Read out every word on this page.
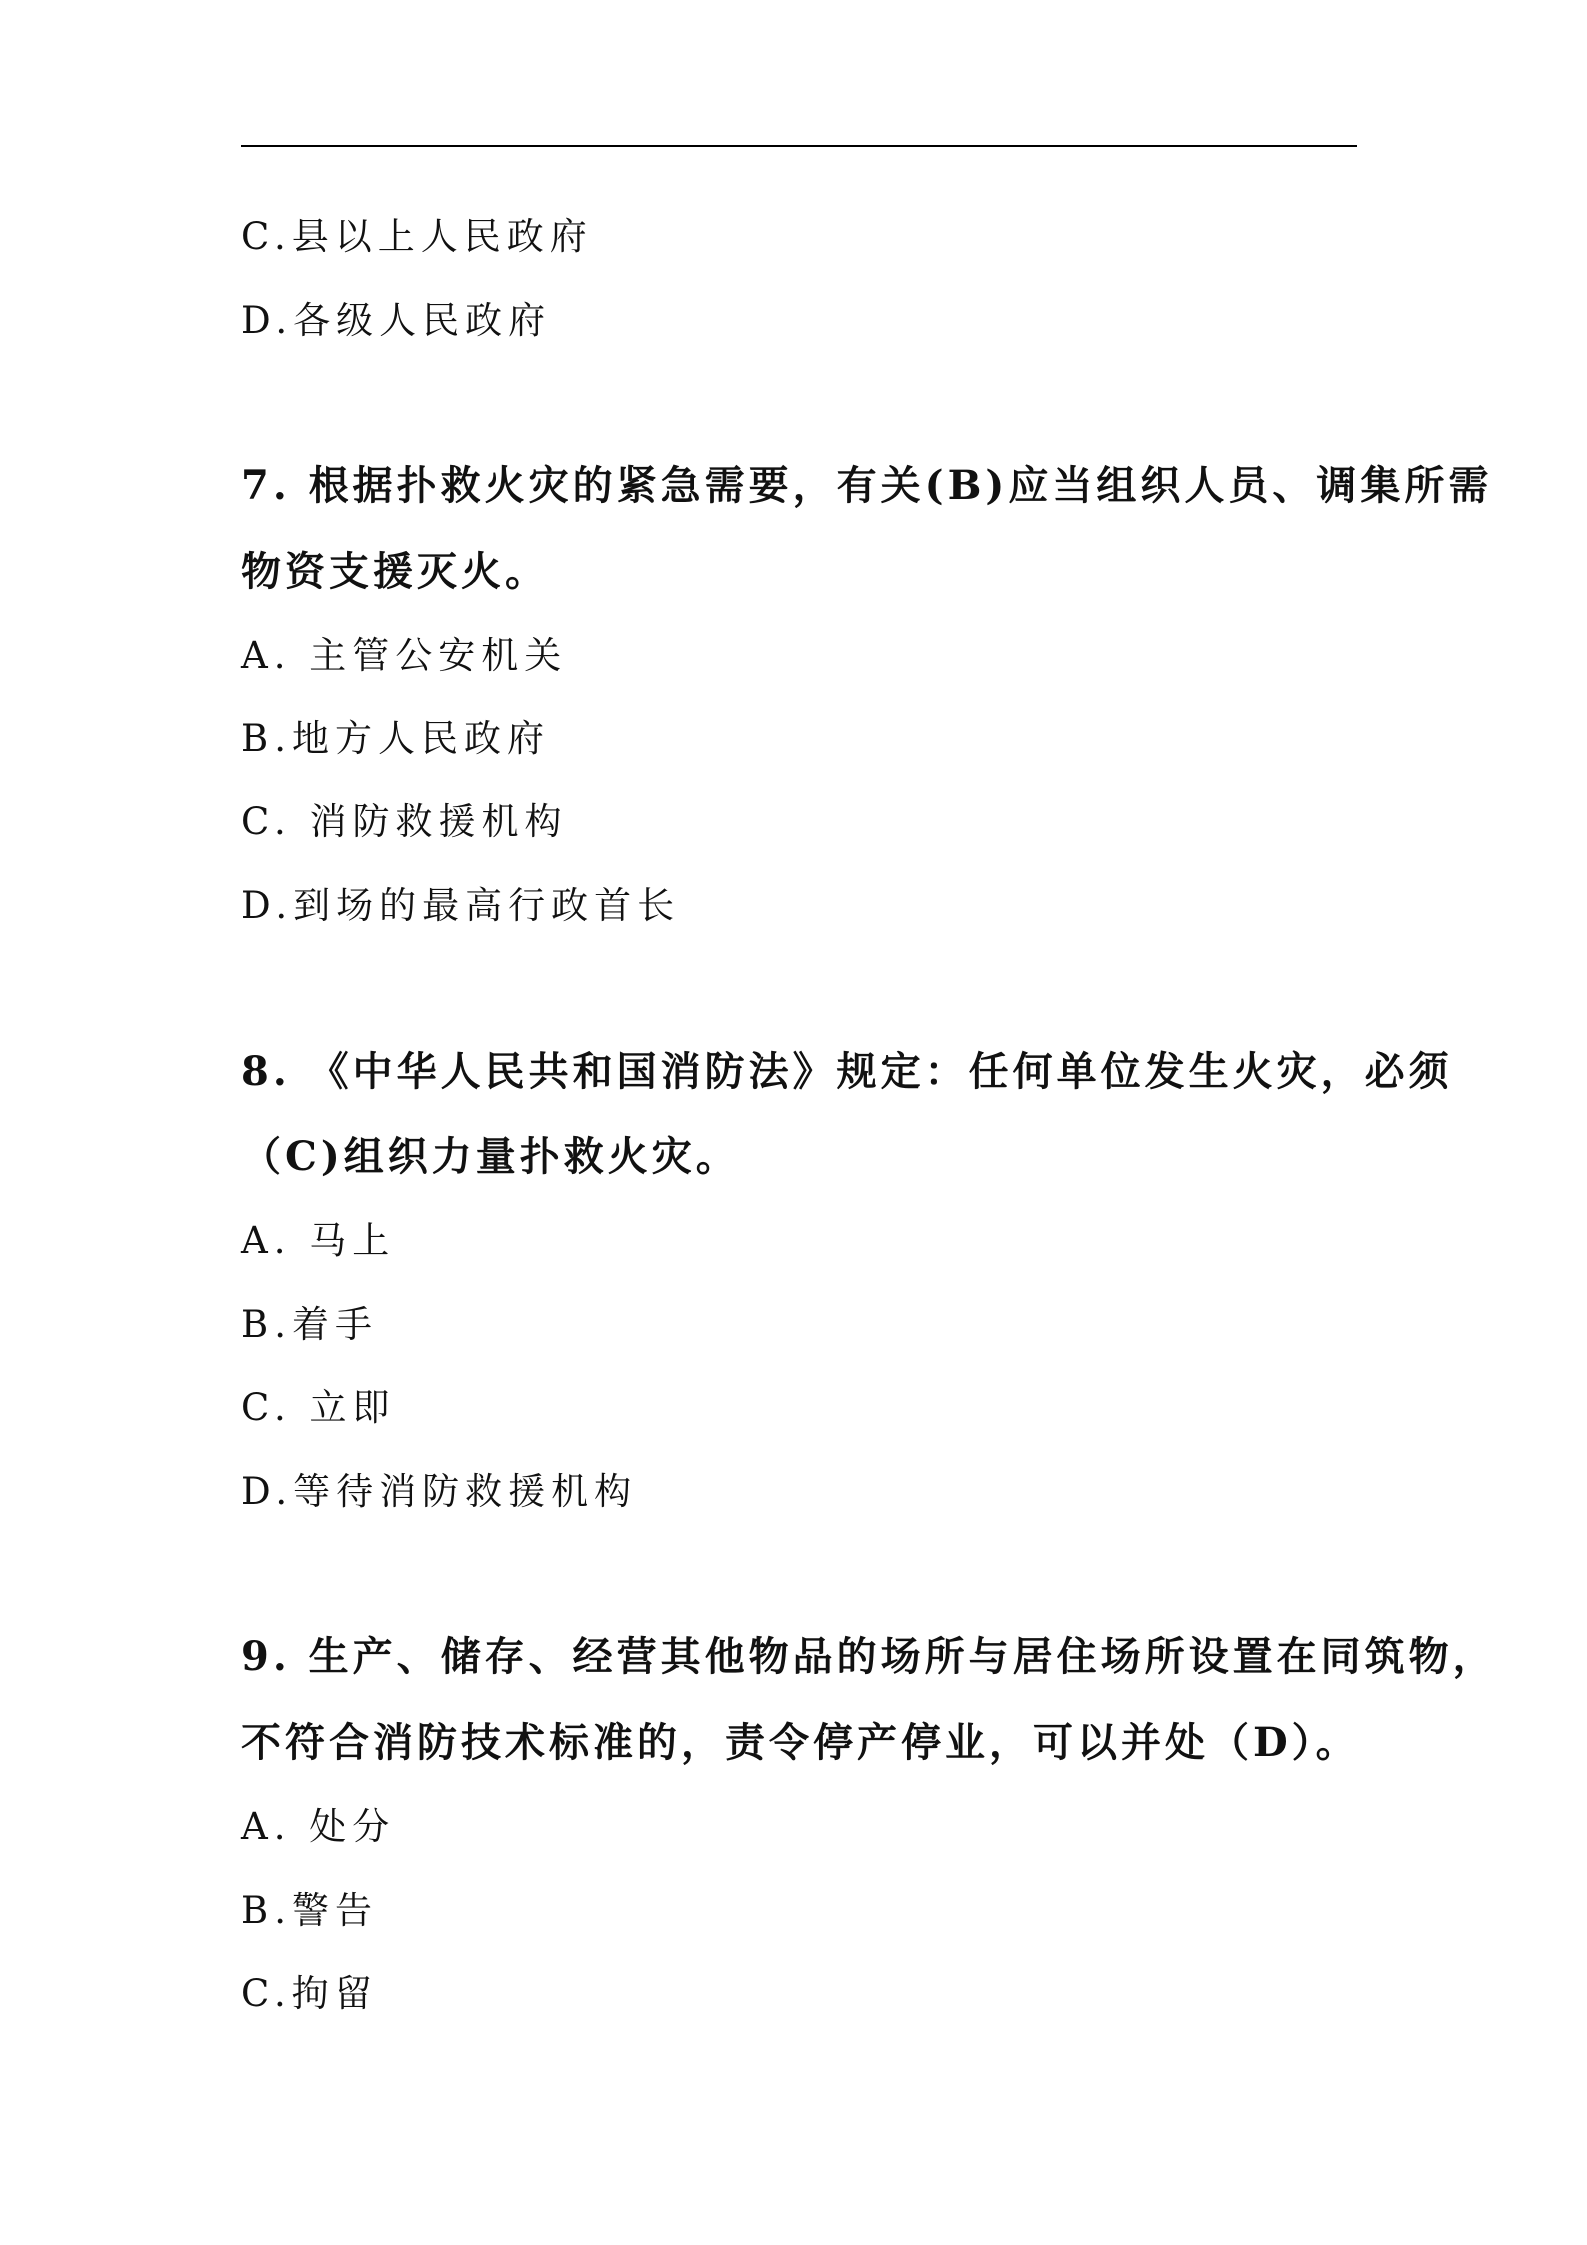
C.县以上人民政府
D.各级人民政府
7. 根据扑救火灾的紧急需要，有关(B)应当组织人员、调集所需
物资支援灭火。
A. 主管公安机关
B.地方人民政府
C. 消防救援机构
D.到场的最高行政首长
8. 《中华人民共和国消防法》规定：任何单位发生火灾，必须
（C)组织力量扑救火灾。
A. 马上
B.着手
C. 立即
D.等待消防救援机构
9. 生产、储存、经营其他物品的场所与居住场所设置在同筑物，
不符合消防技术标准的，责令停产停业，可以并处（D）。
A. 处分
B.警告
C.拘留
